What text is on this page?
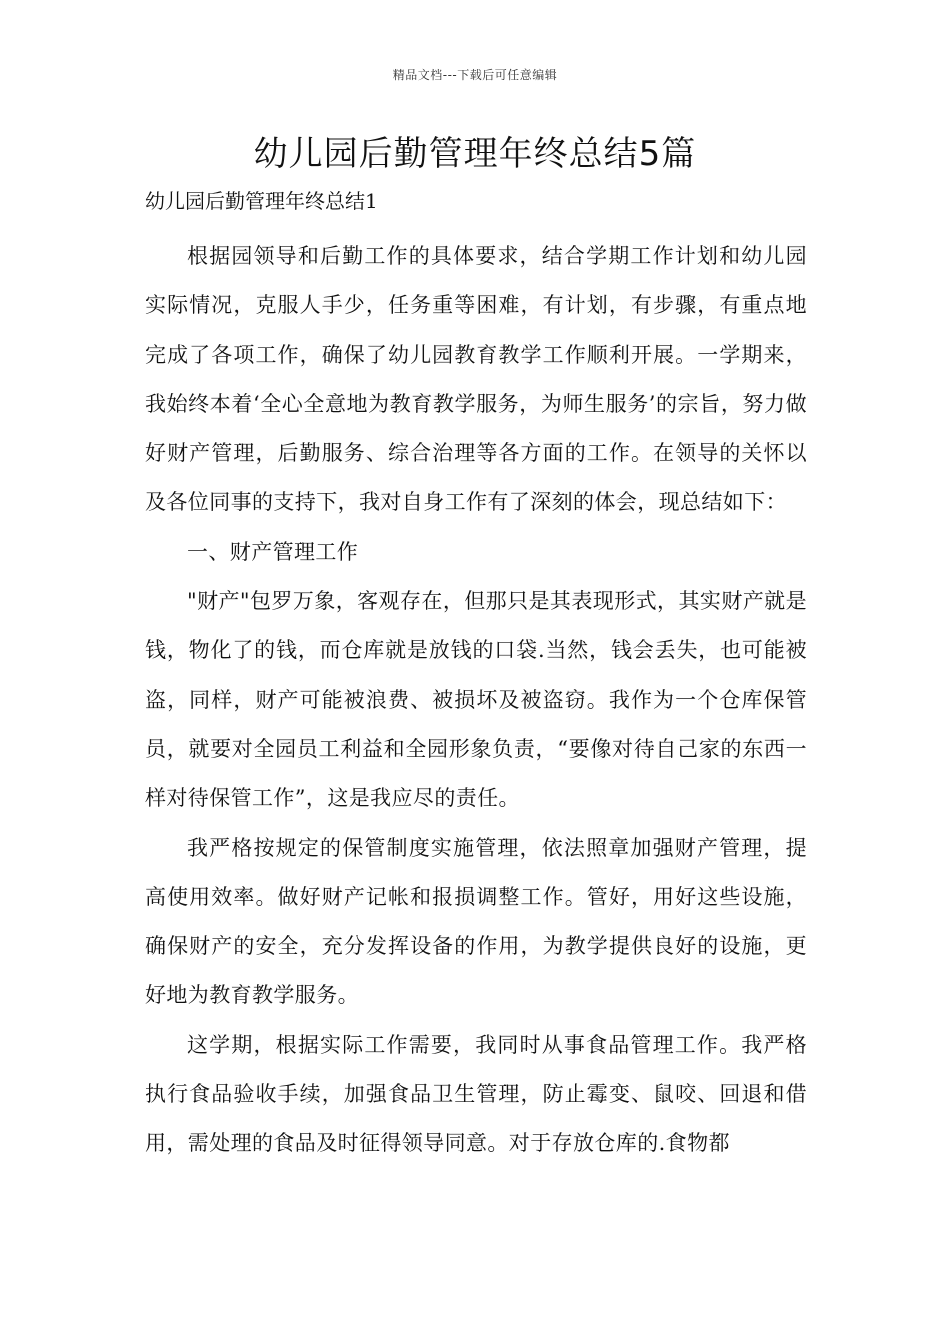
精品文档---下载后可任意编辑
幼儿园后勤管理年终总结5篇
幼儿园后勤管理年终总结1

根据园领导和后勤工作的具体要求，结合学期工作计划和幼儿园实际情况，克服人手少，任务重等困难，有计划，有步骤，有重点地完成了各项工作，确保了幼儿园教育教学工作顺利开展。一学期来，我始终本着‘全心全意地为教育教学服务，为师生服务’的宗旨，努力做好财产管理，后勤服务、综合治理等各方面的工作。在领导的关怀以及各位同事的支持下，我对自身工作有了深刻的体会，现总结如下：

一、财产管理工作

"财产"包罗万象，客观存在，但那只是其表现形式，其实财产就是钱，物化了的钱，而仓库就是放钱的口袋.当然，钱会丢失，也可能被盗，同样，财产可能被浪费、被损坏及被盗窃。我作为一个仓库保管员，就要对全园员工利益和全园形象负责，“要像对待自己家的东西一样对待保管工作”，这是我应尽的责任。

我严格按规定的保管制度实施管理，依法照章加强财产管理，提高使用效率。做好财产记帐和报损调整工作。管好，用好这些设施，确保财产的安全，充分发挥设备的作用，为教学提供良好的设施，更好地为教育教学服务。

这学期，根据实际工作需要，我同时从事食品管理工作。我严格执行食品验收手续，加强食品卫生管理，防止霉变、鼠咬、回退和借用，需处理的食品及时征得领导同意。对于存放仓库的.食物都
